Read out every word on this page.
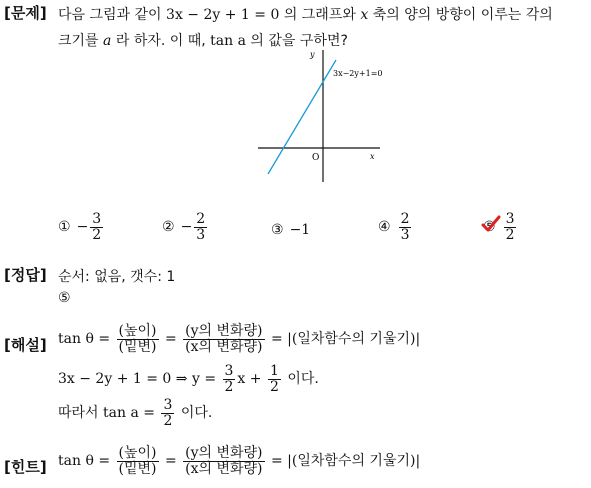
[문제] 다음 그림과 같이 3x − 2y + 1 = 0 의 그래프와 x 축의 양의 방향이 이루는 각의
크기를 a 라 하자. 이 때, tan a 의 값을 구하면?
y
x
O
3x−2y+1=0
① − $\frac{3}{2}$	② − $\frac{2}{3}$	③ −1	④ $\frac{2}{3}$	⑤ $\frac{3}{2}$
[정답] 순서: 없음, 갯수: 1
⑤
[해설] $\tan \theta = \frac{\text{(높이)}}{\text{(밑변)}} = \frac{\text{(y의 변화량)}}{\text{(x의 변화량)}}$ = |(일차함수의 기울기)|
3x − 2y + 1 = 0 ⇒ $y = \frac{3}{2}$ $x + \frac{1}{2}$ 이다.
따라서 $\tan a = \frac{3}{2}$ 이다.
[힌트] $\tan \theta = \frac{\text{(높이)}}{\text{(밑변)}} = \frac{\text{(y의 변화량)}}{\text{(x의 변화량)}}$ = |(일차함수의 기울기)|
